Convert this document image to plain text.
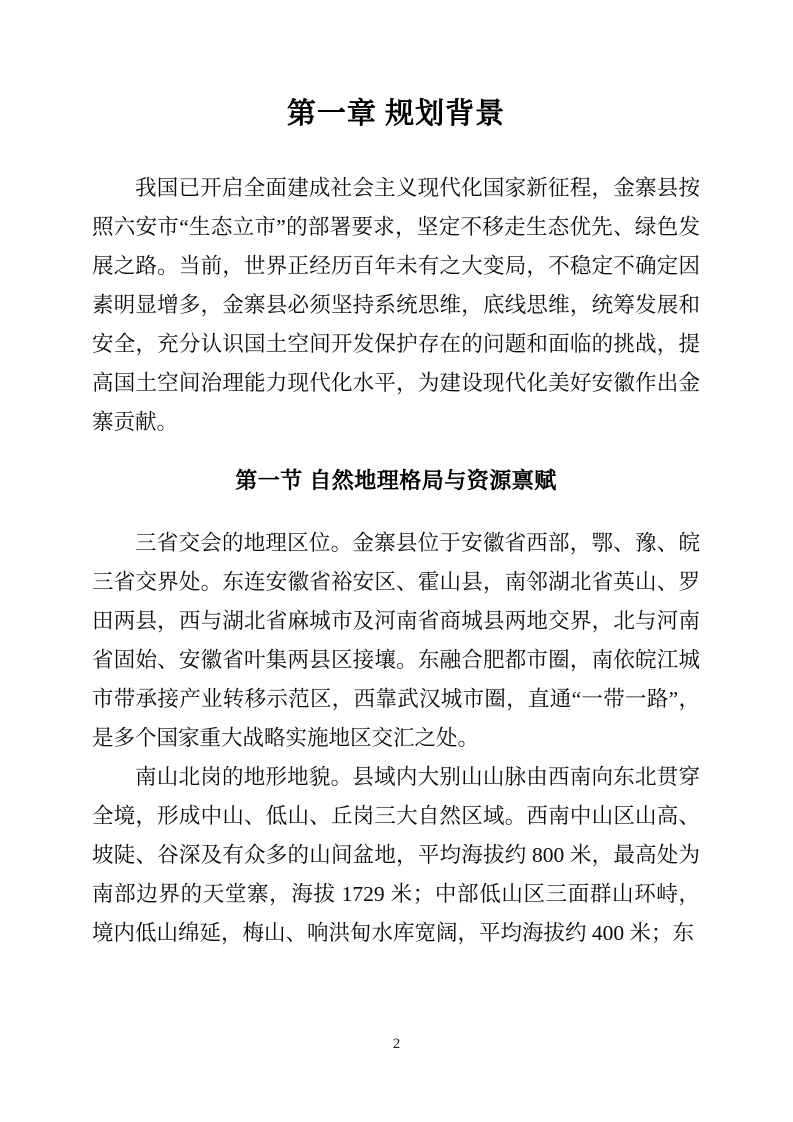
第一章 规划背景

我国已开启全面建成社会主义现代化国家新征程，金寨县按照六安市“生态立市”的部署要求，坚定不移走生态优先、绿色发展之路。当前，世界正经历百年未有之大变局，不稳定不确定因素明显增多，金寨县必须坚持系统思维，底线思维，统筹发展和安全，充分认识国土空间开发保护存在的问题和面临的挑战，提高国土空间治理能力现代化水平，为建设现代化美好安徽作出金寨贡献。

第一节 自然地理格局与资源禀赋

三省交会的地理区位。金寨县位于安徽省西部，鄂、豫、皖三省交界处。东连安徽省裕安区、霍山县，南邻湖北省英山、罗田两县，西与湖北省麻城市及河南省商城县两地交界，北与河南省固始、安徽省叶集两县区接壤。东融合肥都市圈，南依皖江城市带承接产业转移示范区，西靠武汉城市圈，直通“一带一路”，是多个国家重大战略实施地区交汇之处。

南山北岗的地形地貌。县域内大别山山脉由西南向东北贯穿全境，形成中山、低山、丘岗三大自然区域。西南中山区山高、坡陡、谷深及有众多的山间盆地，平均海拔约 800 米，最高处为南部边界的天堂寨，海拔 1729 米；中部低山区三面群山环峙，境内低山绵延，梅山、响洪甸水库宽阔，平均海拔约 400 米；东

2
